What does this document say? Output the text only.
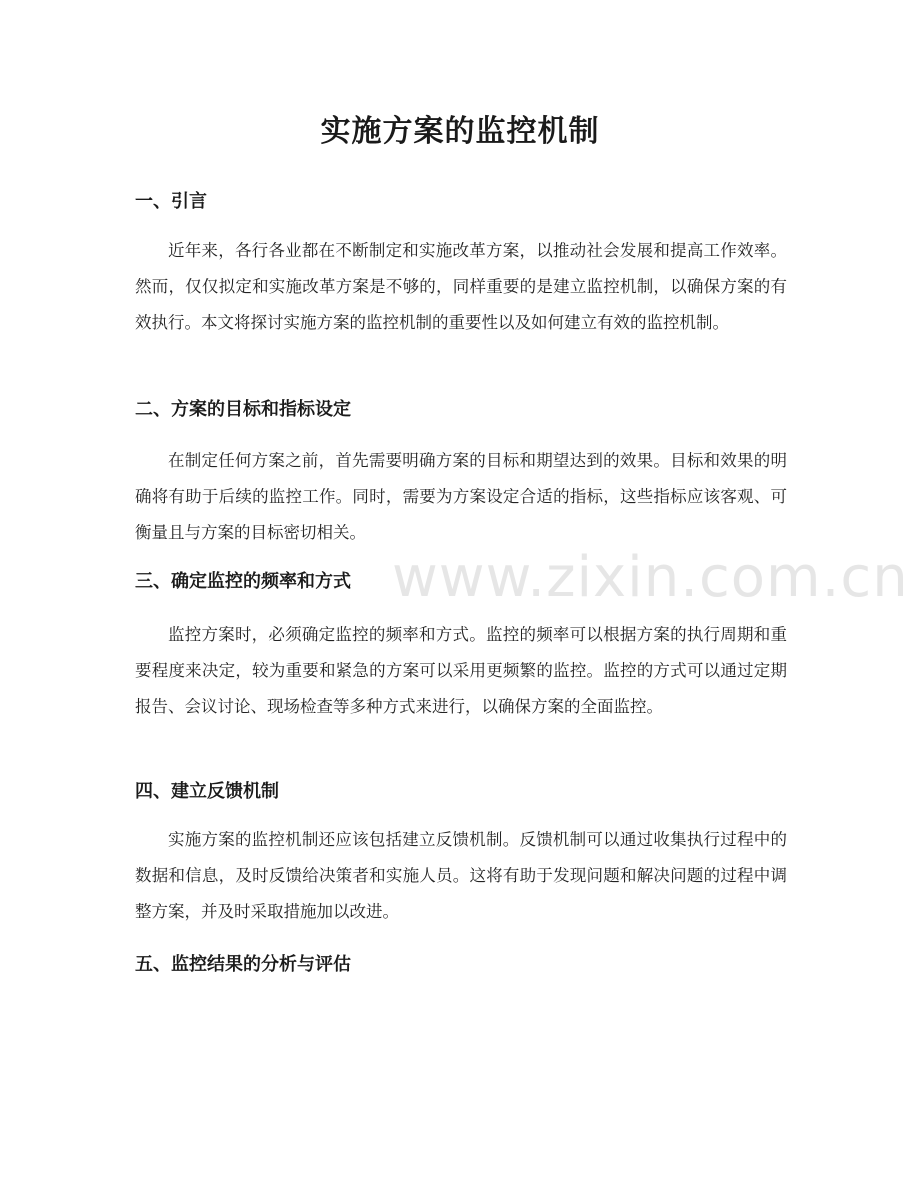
实施方案的监控机制
一、引言

近年来，各行各业都在不断制定和实施改革方案，以推动社会发展和提高工作效率。然而，仅仅拟定和实施改革方案是不够的，同样重要的是建立监控机制，以确保方案的有效执行。本文将探讨实施方案的监控机制的重要性以及如何建立有效的监控机制。

二、方案的目标和指标设定

在制定任何方案之前，首先需要明确方案的目标和期望达到的效果。目标和效果的明确将有助于后续的监控工作。同时，需要为方案设定合适的指标，这些指标应该客观、可衡量且与方案的目标密切相关。

三、确定监控的频率和方式

监控方案时，必须确定监控的频率和方式。监控的频率可以根据方案的执行周期和重要程度来决定，较为重要和紧急的方案可以采用更频繁的监控。监控的方式可以通过定期报告、会议讨论、现场检查等多种方式来进行，以确保方案的全面监控。

四、建立反馈机制

实施方案的监控机制还应该包括建立反馈机制。反馈机制可以通过收集执行过程中的数据和信息，及时反馈给决策者和实施人员。这将有助于发现问题和解决问题的过程中调整方案，并及时采取措施加以改进。

五、监控结果的分析与评估
www.zixin.com.cn
